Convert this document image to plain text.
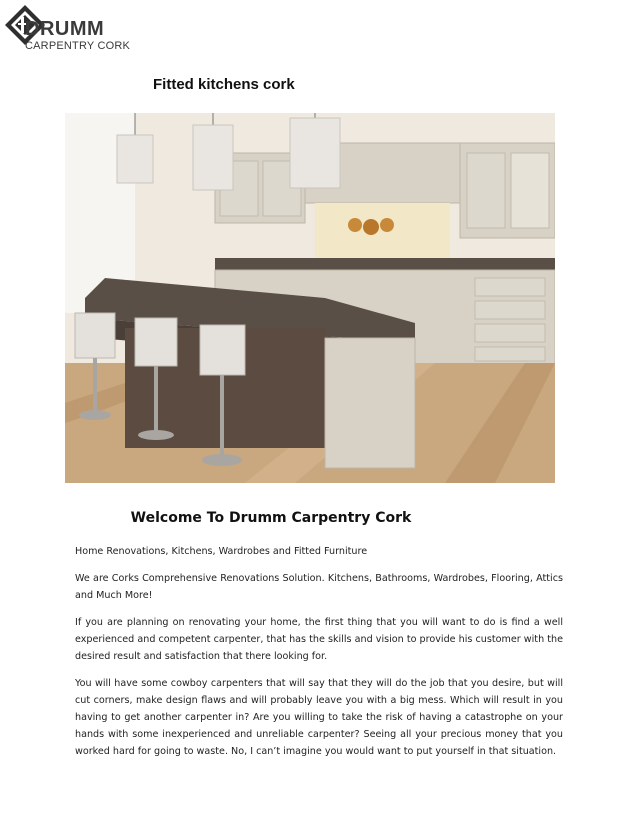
DRUMM
CARPENTRY CORK
Fitted kitchens cork
Welcome To Drumm Carpentry Cork

Home Renovations, Kitchens, Wardrobes and Fitted Furniture

We are Corks Comprehensive Renovations Solution. Kitchens, Bathrooms, Wardrobes, Flooring, Attics and Much More!

If you are planning on renovating your home, the first thing that you will want to do is find a well experienced and competent carpenter, that has the skills and vision to provide his customer with the desired result and satisfaction that there looking for.

You will have some cowboy carpenters that will say that they will do the job that you desire, but will cut corners, make design flaws and will probably leave you with a big mess. Which will result in you having to get another carpenter in? Are you willing to take the risk of having a catastrophe on your hands with some inexperienced and unreliable carpenter? Seeing all your precious money that you worked hard for going to waste. No, I can’t imagine you would want to put yourself in that situation.
